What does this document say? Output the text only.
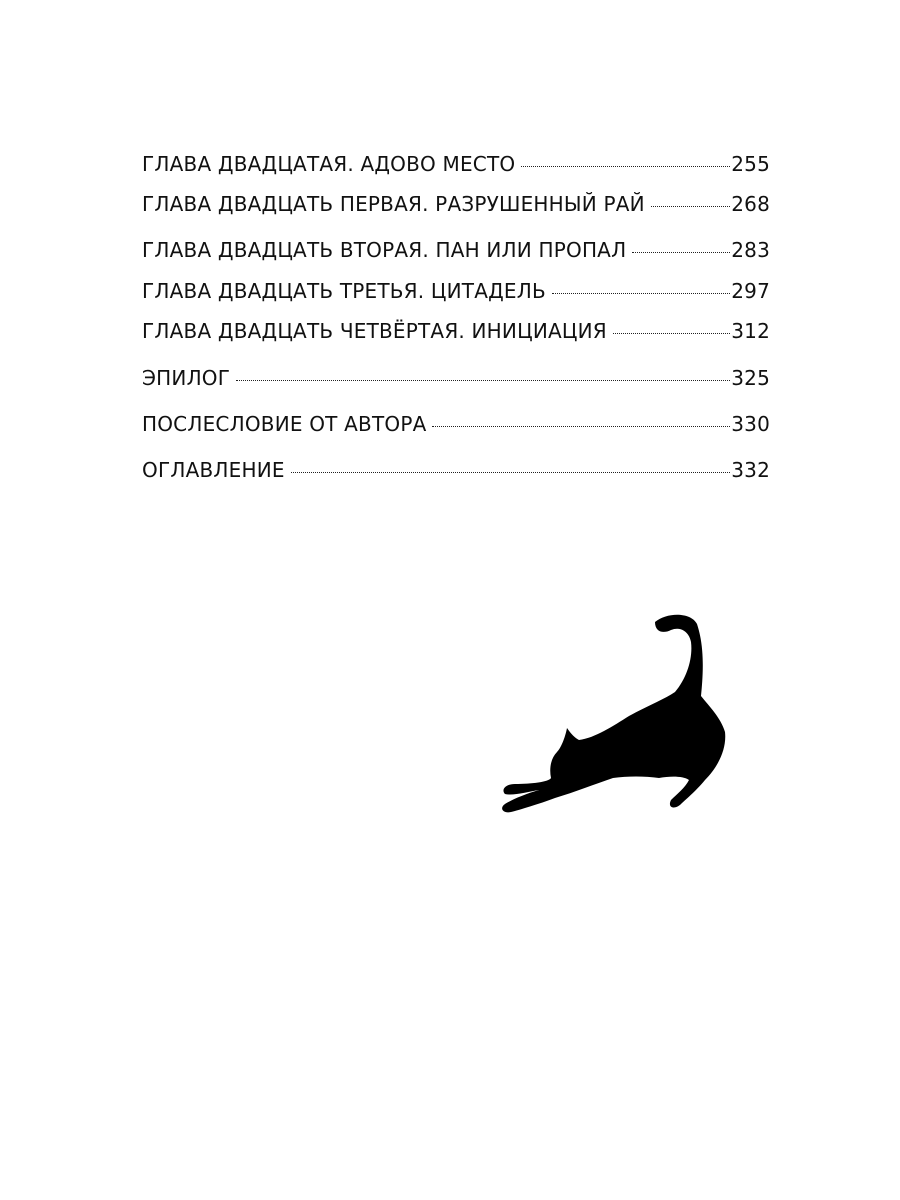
ГЛАВА ДВАДЦАТАЯ. АДОВО МЕСТО	255
ГЛАВА ДВАДЦАТЬ ПЕРВАЯ. РАЗРУШЕННЫЙ РАЙ	268
ГЛАВА ДВАДЦАТЬ ВТОРАЯ. ПАН ИЛИ ПРОПАЛ	283
ГЛАВА ДВАДЦАТЬ ТРЕТЬЯ. ЦИТАДЕЛЬ	297
ГЛАВА ДВАДЦАТЬ ЧЕТВЁРТАЯ. ИНИЦИАЦИЯ	312
ЭПИЛОГ	325
ПОСЛЕСЛОВИЕ ОТ АВТОРА	330
ОГЛАВЛЕНИЕ	332
